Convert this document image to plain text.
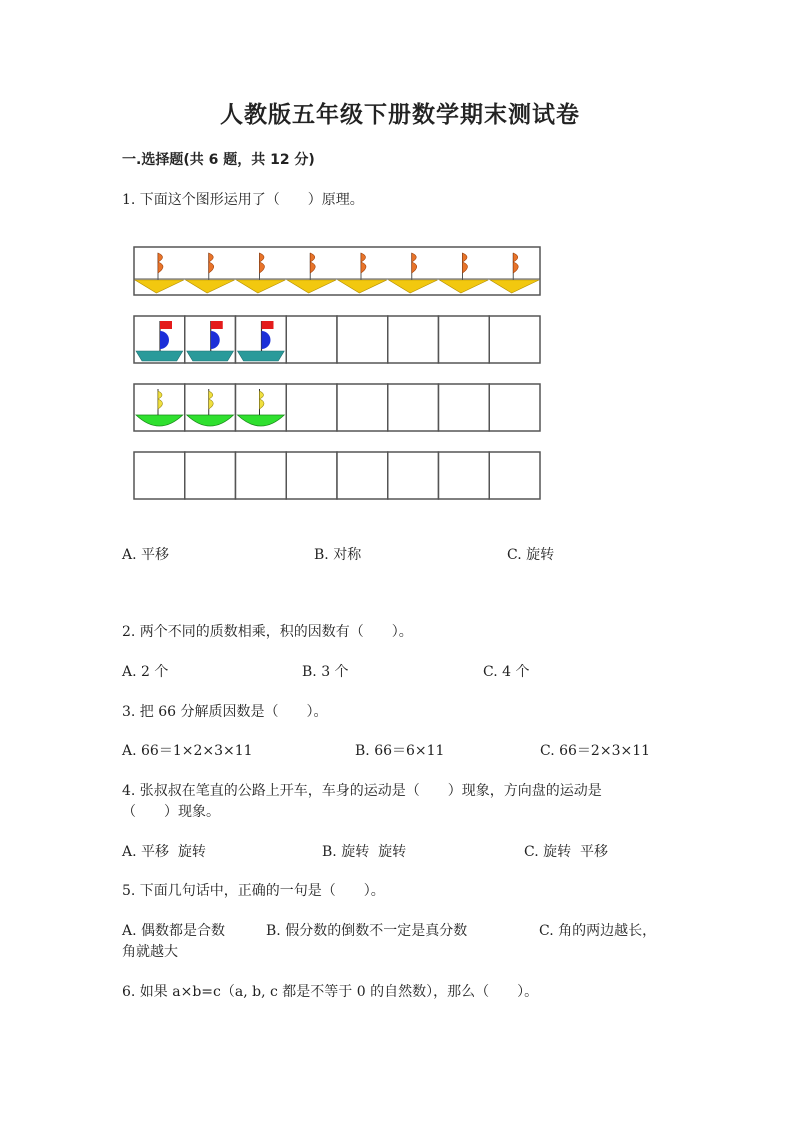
人教版五年级下册数学期末测试卷
一.选择题(共 6 题，共 12 分)
1. 下面这个图形运用了（　　）原理。
A. 平移	B. 对称	C. 旋转
2. 两个不同的质数相乘，积的因数有（　　）。
A. 2 个	B. 3 个	C. 4 个
3. 把 66 分解质因数是（　　）。
A. 66＝1×2×3×11	B. 66＝6×11	C. 66＝2×3×11
4. 张叔叔在笔直的公路上开车，车身的运动是（　　）现象，方向盘的运动是
（　　）现象。
A. 平移  旋转	B. 旋转  旋转	C. 旋转  平移
5. 下面几句话中，正确的一句是（　　）。
A. 偶数都是合数	B. 假分数的倒数不一定是真分数	C. 角的两边越长，
角就越大
6. 如果 a×b=c（a, b, c 都是不等于 0 的自然数），那么（　　）。
